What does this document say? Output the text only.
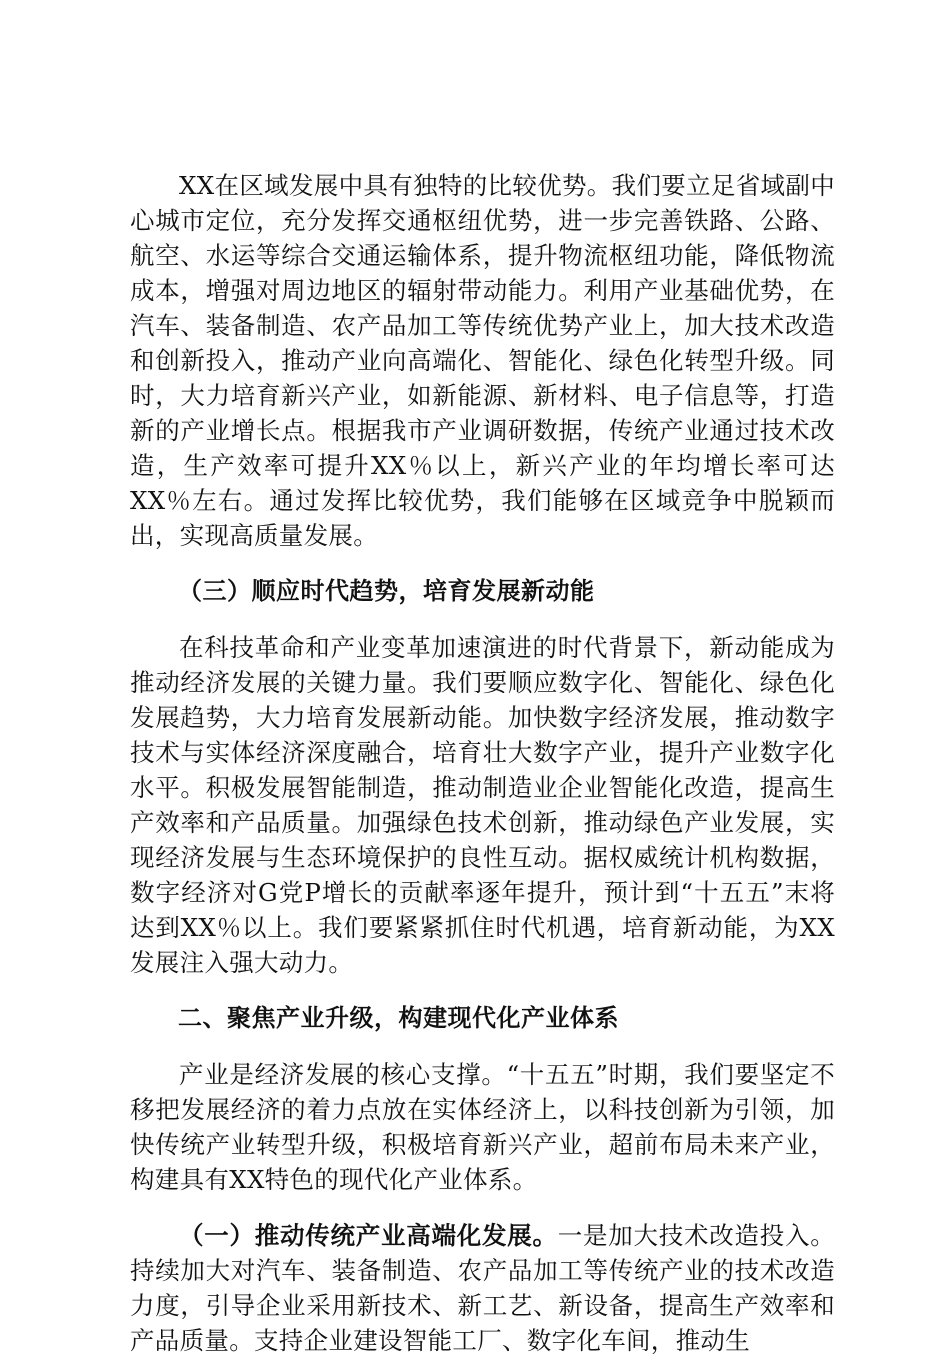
XX在区域发展中具有独特的比较优势。我们要立足省域副中心城市定位，充分发挥交通枢纽优势，进一步完善铁路、公路、航空、水运等综合交通运输体系，提升物流枢纽功能，降低物流成本，增强对周边地区的辐射带动能力。利用产业基础优势，在汽车、装备制造、农产品加工等传统优势产业上，加大技术改造和创新投入，推动产业向高端化、智能化、绿色化转型升级。同时，大力培育新兴产业，如新能源、新材料、电子信息等，打造新的产业增长点。根据我市产业调研数据，传统产业通过技术改造，生产效率可提升XX％以上，新兴产业的年均增长率可达XX％左右。通过发挥比较优势，我们能够在区域竞争中脱颖而出，实现高质量发展。

（三）顺应时代趋势，培育发展新动能

在科技革命和产业变革加速演进的时代背景下，新动能成为推动经济发展的关键力量。我们要顺应数字化、智能化、绿色化发展趋势，大力培育发展新动能。加快数字经济发展，推动数字技术与实体经济深度融合，培育壮大数字产业，提升产业数字化水平。积极发展智能制造，推动制造业企业智能化改造，提高生产效率和产品质量。加强绿色技术创新，推动绿色产业发展，实现经济发展与生态环境保护的良性互动。据权威统计机构数据，数字经济对G党P增长的贡献率逐年提升，预计到“十五五”末将达到XX％以上。我们要紧紧抓住时代机遇，培育新动能，为XX发展注入强大动力。

二、聚焦产业升级，构建现代化产业体系

产业是经济发展的核心支撑。“十五五”时期，我们要坚定不移把发展经济的着力点放在实体经济上，以科技创新为引领，加快传统产业转型升级，积极培育新兴产业，超前布局未来产业，构建具有XX特色的现代化产业体系。

（一）推动传统产业高端化发展。一是加大技术改造投入。持续加大对汽车、装备制造、农产品加工等传统产业的技术改造力度，引导企业采用新技术、新工艺、新设备，提高生产效率和产品质量。支持企业建设智能工厂、数字化车间，推动生
